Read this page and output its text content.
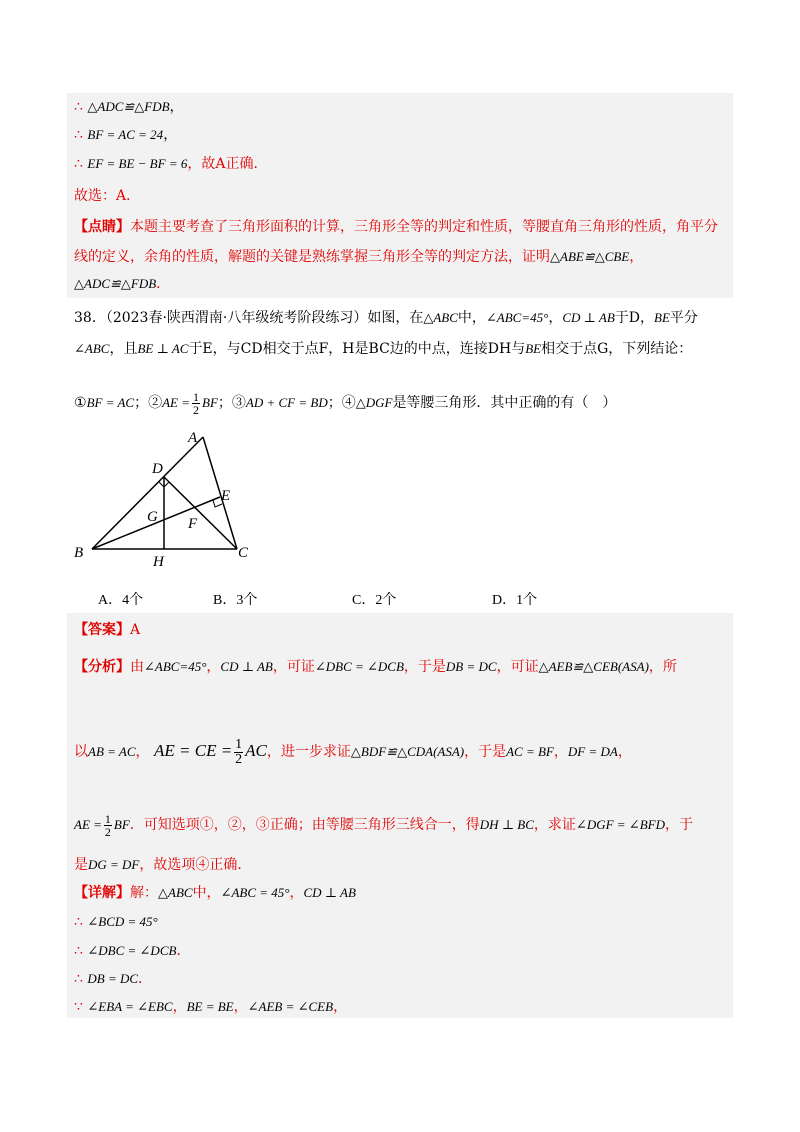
∴ △ADC≌△FDB，
∴ BF = AC = 24，
∴ EF = BE − BF = 6，故A正确．
故选：A．
【点睛】本题主要考查了三角形面积的计算，三角形全等的判定和性质，等腰直角三角形的性质，角平分
线的定义，余角的性质，解题的关键是熟练掌握三角形全等的判定方法，证明△ABE≌△CBE，
△ADC≌△FDB．
38．（2023春·陕西渭南·八年级统考阶段练习）如图，在△ABC中，∠ABC=45°，CD ⊥ AB于D，BE平分
∠ABC，且BE ⊥ AC于E，与CD相交于点F，H是BC边的中点，连接DH与BE相交于点G，下列结论：
①BF = AC；②AE = $\frac{1}{2}$ BF；③AD + CF = BD；④△DGF是等腰三角形．其中正确的有（　）
A
B	C
D
E
F
G
H
A．4个	B．3个	C．2个	D．1个
【答案】A
【分析】由∠ABC=45°，CD ⊥ AB，可证∠DBC = ∠DCB，于是DB = DC，可证△AEB≌△CEB(ASA)，所
以AB = AC， AE = CE = $\frac{1}{2}$ AC，进一步求证△BDF≌△CDA(ASA)，于是AC = BF，DF = DA，
AE = $\frac{1}{2}$ BF．可知选项①，②，③正确；由等腰三角形三线合一，得DH ⊥ BC，求证∠DGF = ∠BFD，于
是DG = DF，故选项④正确．
【详解】解：△ABC中，∠ABC = 45°，CD ⊥ AB
∴ ∠BCD = 45°
∴ ∠DBC = ∠DCB．
∴ DB = DC．
∵ ∠EBA = ∠EBC，BE = BE，∠AEB = ∠CEB，
